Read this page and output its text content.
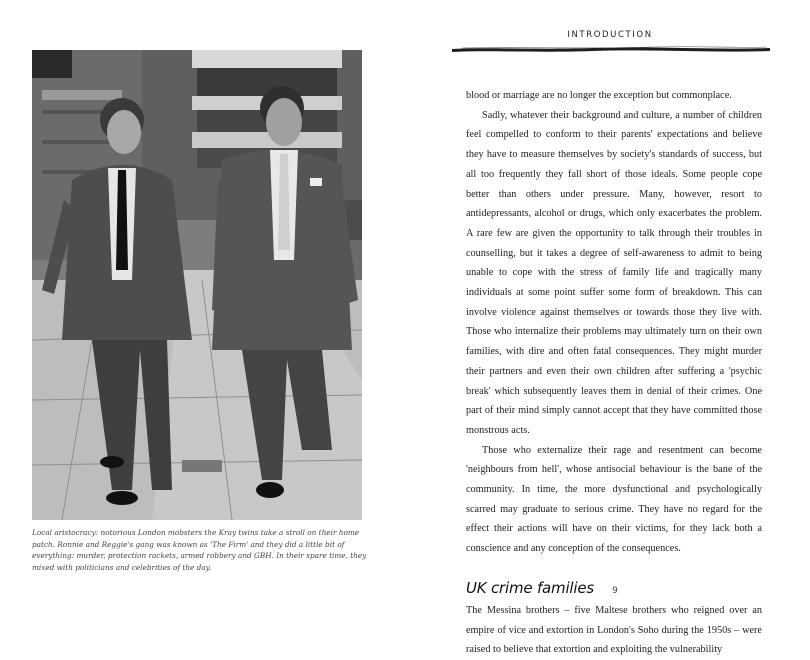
Local aristocracy: notorious London mobsters the Kray twins take a stroll on their home patch. Ronnie and Reggie's gang was known as 'The Firm' and they did a little bit of everything: murder, protection rackets, armed robbery and GBH. In their spare time, they mixed with politicians and celebrities of the day.
INTRODUCTION

blood or marriage are no longer the exception but commonplace.

Sadly, whatever their background and culture, a number of children feel compelled to conform to their parents' expectations and believe they have to measure themselves by society's standards of success, but all too frequently they fall short of those ideals. Some people cope better than others under pressure. Many, however, resort to antidepressants, alcohol or drugs, which only exacerbates the problem. A rare few are given the opportunity to talk through their troubles in counselling, but it takes a degree of self-awareness to admit to being unable to cope with the stress of family life and tragically many individuals at some point suffer some form of breakdown. This can involve violence against themselves or towards those they live with. Those who internalize their problems may ultimately turn on their own families, with dire and often fatal consequences. They might murder their partners and even their own children after suffering a 'psychic break' which subsequently leaves them in denial of their crimes. One part of their mind simply cannot accept that they have committed those monstrous acts.

Those who externalize their rage and resentment can become 'neighbours from hell', whose antisocial behaviour is the bane of the community. In time, the more dysfunctional and psychologically scarred may graduate to serious crime. They have no regard for the effect their actions will have on their victims, for they lack both a conscience and any conception of the consequences.

UK crime families

The Messina brothers – five Maltese brothers who reigned over an empire of vice and extortion in London's Soho during the 1950s – were raised to believe that extortion and exploiting the vulnerability

9
